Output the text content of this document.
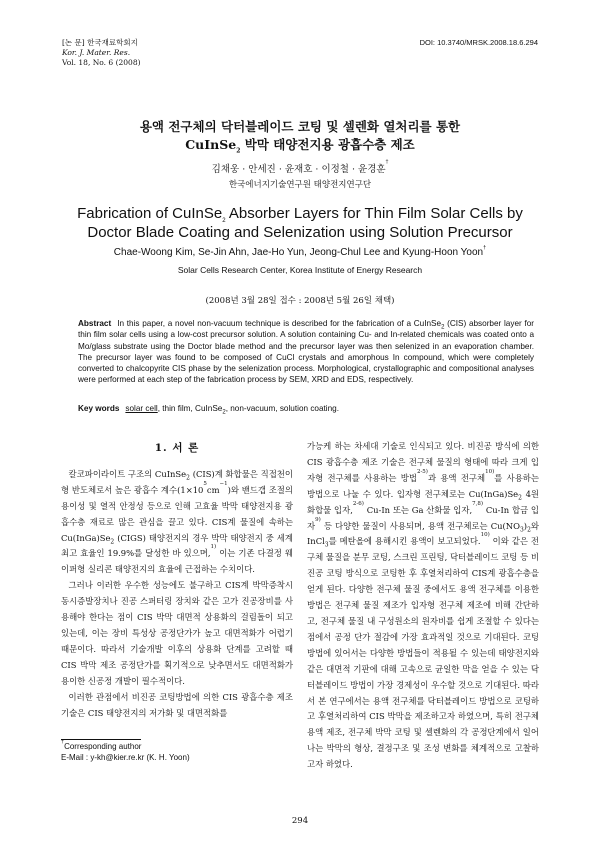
[논 문] 한국재료학회지
Kor. J. Mater. Res.
Vol. 18, No. 6 (2008)
DOI: 10.3740/MRSK.2008.18.6.294
용액 전구체의 닥터블레이드 코팅 및 셀렌화 열처리를 통한
CuInSe$_2$ 박막 태양전지용 광흡수층 제조
김채웅 · 안세진 · 윤재호 · 이정철 · 윤경훈†
한국에너지기술연구원 태양전지연구단
Fabrication of CuInSe$_2$ Absorber Layers for Thin Film Solar Cells by
Doctor Blade Coating and Selenization using Solution Precursor
Chae-Woong Kim, Se-Jin Ahn, Jae-Ho Yun, Jeong-Chul Lee and Kyung-Hoon Yoon†
Solar Cells Research Center, Korea Institute of Energy Research
(2008년 3월 28일 접수 : 2008년 5월 26일 채택)
Abstract In this paper, a novel non-vacuum technique is described for the fabrication of a CuInSe$_2$ (CIS) absorber layer for thin film solar cells using a low-cost precursor solution. A solution containing Cu- and In-related chemicals was coated onto a Mo/glass substrate using the Doctor blade method and the precursor layer was then selenized in an evaporation chamber. The precursor layer was found to be composed of CuCl crystals and amorphous In compound, which were completely converted to chalcopyrite CIS phase by the selenization process. Morphological, crystallographic and compositional analyses were performed at each step of the fabrication process by SEM, XRD and EDS, respectively.
Key words solar cell, thin film, CuInSe$_2$, non-vacuum, solution coating.
1. 서 론

칼코파이라이트 구조의 CuInSe$_2$ (CIS)계 화합물은 직접천이형 반도체로서 높은 광흡수 계수$(1\times 10^5cm^{-1})$와 밴드갭 조절의 용이성 및 열적 안정성 등으로 인해 고효율 박막 태양전지용 광흡수층 재료로 많은 관심을 끌고 있다. CIS계 물질에 속하는 $Cu(InGa)Se_2$ (CIGS) 태양전지의 경우 박막 태양전지 중 세계 최고 효율인 19.9%를 달성한 바 있으며,$^{1)}$ 이는 기존 다결정 웨이퍼형 실리콘 태양전지의 효율에 근접하는 수치이다.

그러나 이러한 우수한 성능에도 불구하고 CIS계 박막증착시 동시증발장치나 진공 스퍼터링 장치와 같은 고가 진공장비를 사용해야 한다는 점이 CIS 박막 대면적 상용화의 걸림돌이 되고 있는데, 이는 장비 특성상 공정단가가 높고 대면적화가 어렵기 때문이다. 따라서 기술개발 이후의 상용화 단계를 고려할 때 CIS 박막 제조 공정단가를 획기적으로 낮추면서도 대면적화가 용이한 신공정 개발이 필수적이다.

이러한 관점에서 비진공 코팅방법에 의한 CIS 광흡수층 제조 기술은 CIS 태양전지의 저가화 및 대면적화를

가능케 하는 차세대 기술로 인식되고 있다. 비진공 방식에 의한 CIS 광흡수층 제조 기술은 전구체 물질의 형태에 따라 크게 입자형 전구체를 사용하는 방법$^{2-5)}$과 용액 전구체$^{10)}$를 사용하는 방법으로 나눌 수 있다. 입자형 전구체로는 $Cu(InGa)Se_2$ 4원 화합물 입자,$^{2-6)}$ Cu-In 또는 Ga 산화물 입자,$^{7,8)}$ Cu-In 합금 입자$^{9)}$ 등 다양한 물질이 사용되며, 용액 전구체로는 $Cu(NO_3)_2$와 InCl$_3$를 메탄올에 용해시킨 용액이 보고되었다.$^{10)}$ 이와 같은 전구체 물질을 분무 코팅, 스크린 프린팅, 닥터블레이드 코팅 등 비진공 코팅 방식으로 코팅한 후 후열처리하여 CIS계 광흡수층을 얻게 된다. 다양한 전구체 물질 중에서도 용액 전구체를 이용한 방법은 전구체 물질 제조가 입자형 전구체 제조에 비해 간단하고, 전구체 물질 내 구성원소의 원자비를 쉽게 조절할 수 있다는 점에서 공정 단가 절감에 가장 효과적일 것으로 기대된다. 코팅방법에 있어서는 다양한 방법들이 적용될 수 있는데 태양전지와 같은 대면적 기판에 대해 고속으로 균일한 막을 얻을 수 있는 닥터블레이드 방법이 가장 경제성이 우수할 것으로 기대된다. 따라서 본 연구에서는 용액 전구체를 닥터블레이드 방법으로 코팅하고 후열처리하여 CIS 박막을 제조하고자 하였으며, 특히 전구체 용액 제조, 전구체 박막 코팅 및 셀렌화의 각 공정단계에서 일어나는 박막의 형상, 결정구조 및 조성 변화를 체계적으로 고찰하고자 하였다.

†Corresponding author
E-Mail : y-kh@kier.re.kr (K. H. Yoon)
294
